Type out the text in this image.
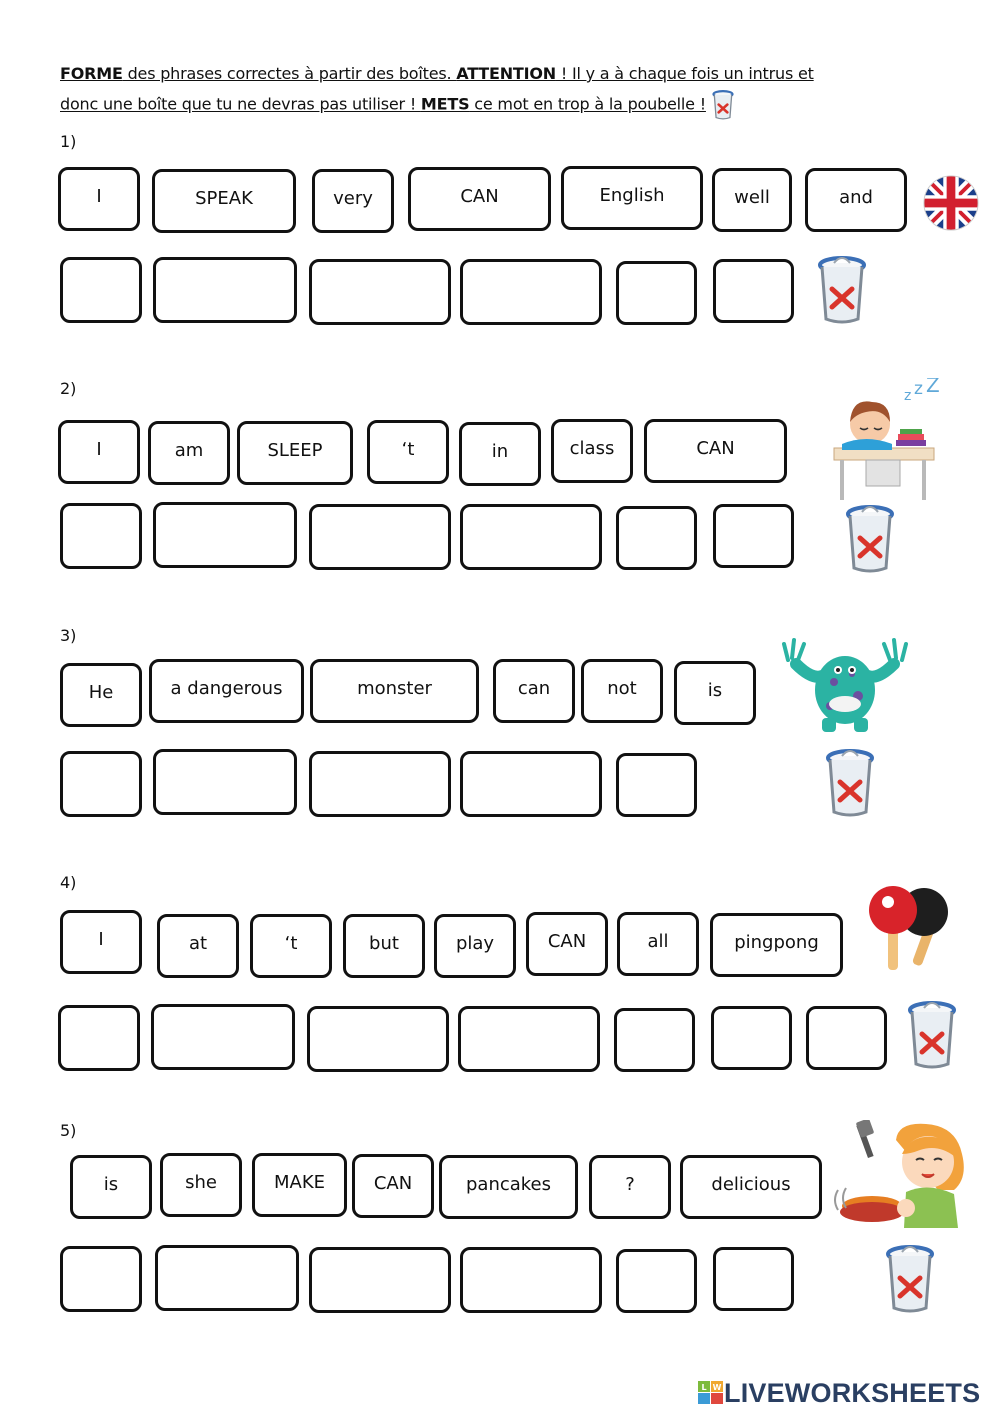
FORME des phrases correctes à partir des boîtes. ATTENTION ! Il y a à chaque fois un intrus et
donc une boîte que tu ne devras pas utiliser ! METS ce mot en trop à la poubelle !
1)
I	SPEAK	very	CAN	English	well	and
2)
I	am	SLEEP	‘t	in	class	CAN
z z Z
3)
He	a dangerous	monster	can	not	is
4)
I	at	‘t	but	play	CAN	all	pingpong
5)
is	she	MAKE	CAN	pancakes	?	delicious
L W LIVEWORKSHEETS
